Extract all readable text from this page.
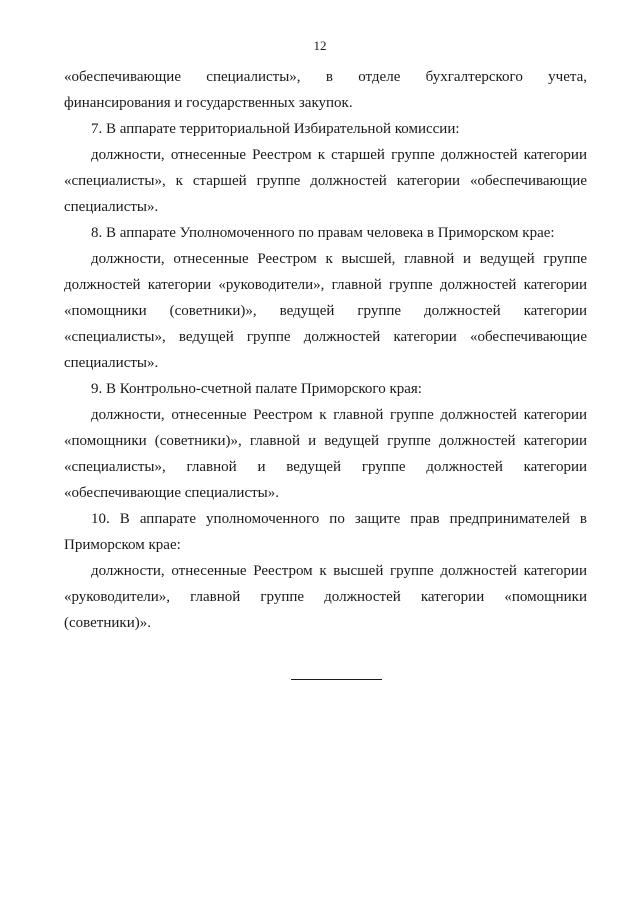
12

«обеспечивающие специалисты», в отделе бухгалтерского учета, финансирования и государственных закупок.

7. В аппарате территориальной Избирательной комиссии:

должности, отнесенные Реестром к старшей группе должностей категории «специалисты», к старшей группе должностей категории «обеспечивающие специалисты».

8. В аппарате Уполномоченного по правам человека в Приморском крае:

должности, отнесенные Реестром к высшей, главной и ведущей группе должностей категории «руководители», главной группе должностей категории «помощники (советники)», ведущей группе должностей категории «специалисты», ведущей группе должностей категории «обеспечивающие специалисты».

9. В Контрольно-счетной палате Приморского края:

должности, отнесенные Реестром к главной группе должностей категории «помощники (советники)», главной и ведущей группе должностей категории «специалисты», главной и ведущей группе должностей категории «обеспечивающие специалисты».

10. В аппарате уполномоченного по защите прав предпринимателей в Приморском крае:

должности, отнесенные Реестром к высшей группе должностей категории «руководители», главной группе должностей категории «помощники (советники)».
